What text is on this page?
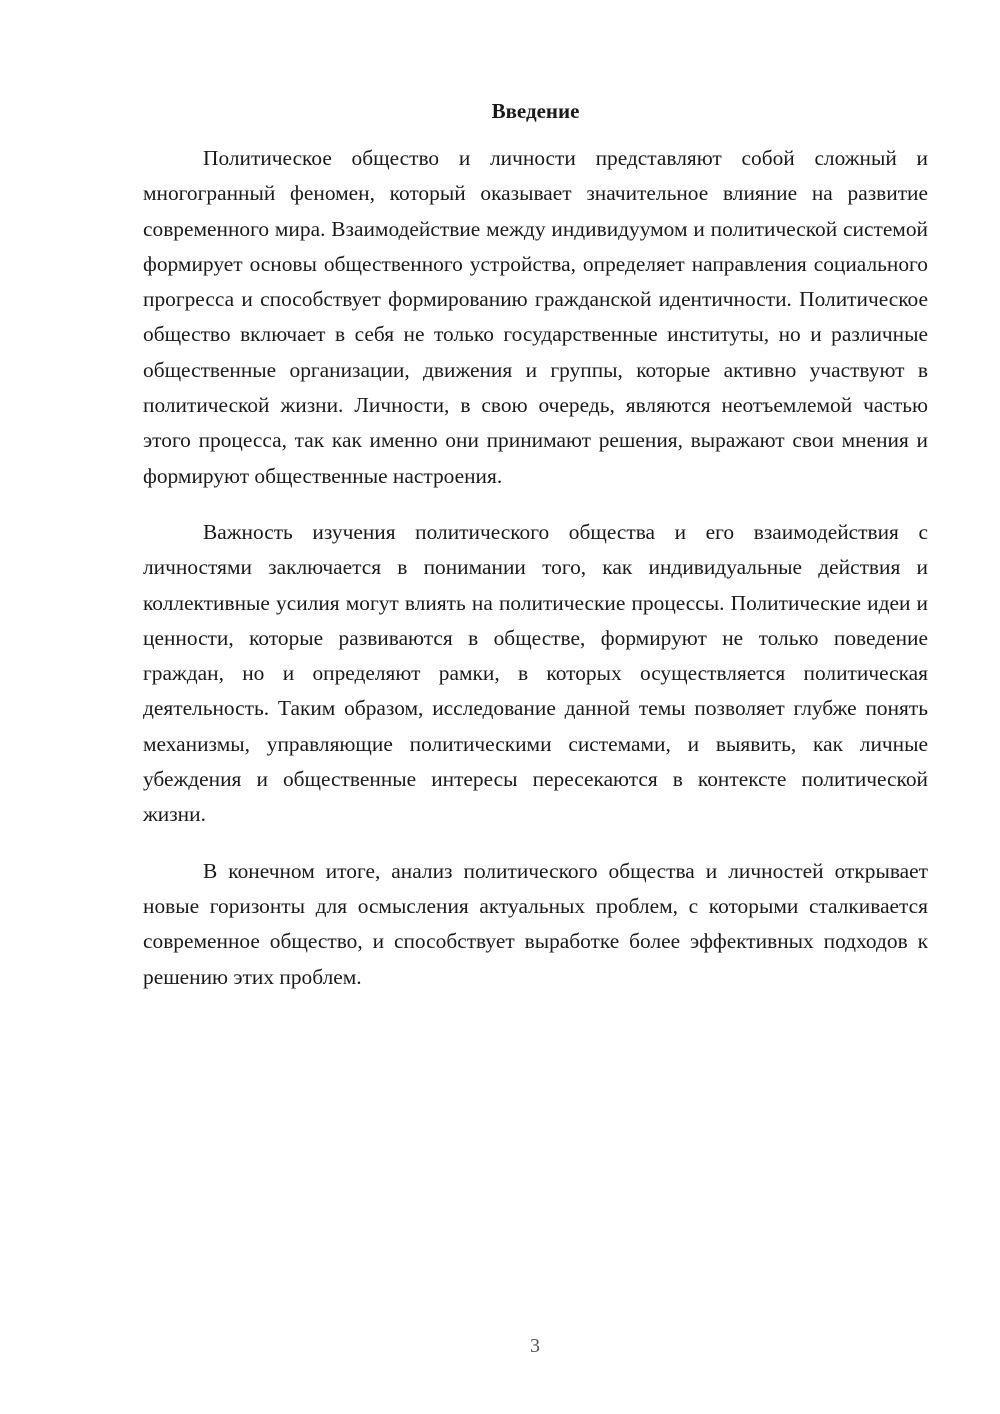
Введение

Политическое общество и личности представляют собой сложный и многогранный феномен, который оказывает значительное влияние на развитие современного мира. Взаимодействие между индивидуумом и политической системой формирует основы общественного устройства, определяет направления социального прогресса и способствует формированию гражданской идентичности. Политическое общество включает в себя не только государственные институты, но и различные общественные организации, движения и группы, которые активно участвуют в политической жизни. Личности, в свою очередь, являются неотъемлемой частью этого процесса, так как именно они принимают решения, выражают свои мнения и формируют общественные настроения.

Важность изучения политического общества и его взаимодействия с личностями заключается в понимании того, как индивидуальные действия и коллективные усилия могут влиять на политические процессы. Политические идеи и ценности, которые развиваются в обществе, формируют не только поведение граждан, но и определяют рамки, в которых осуществляется политическая деятельность. Таким образом, исследование данной темы позволяет глубже понять механизмы, управляющие политическими системами, и выявить, как личные убеждения и общественные интересы пересекаются в контексте политической жизни.

В конечном итоге, анализ политического общества и личностей открывает новые горизонты для осмысления актуальных проблем, с которыми сталкивается современное общество, и способствует выработке более эффективных подходов к решению этих проблем.

3
